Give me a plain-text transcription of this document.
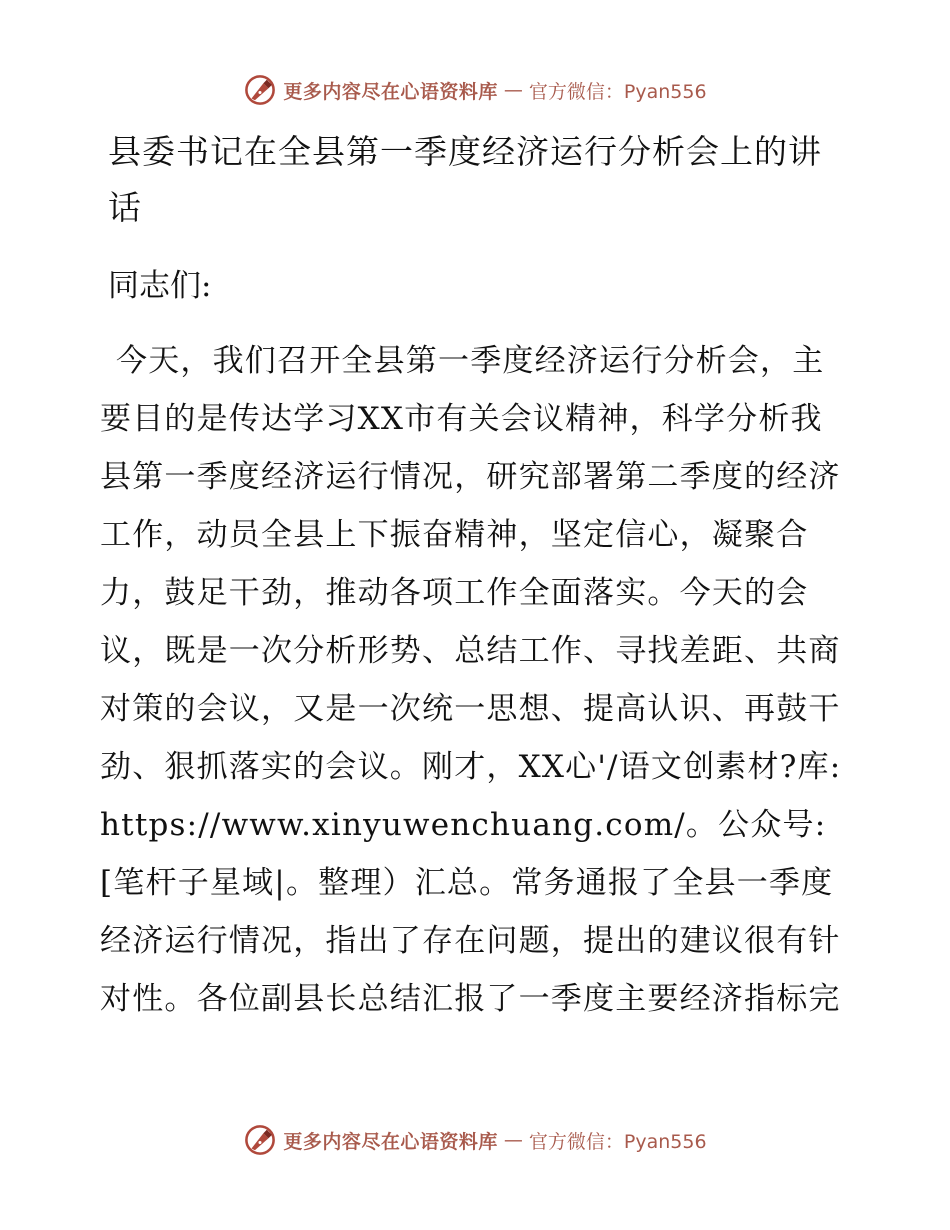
更多内容尽在心语资料库 — 官方微信：Pyan556
县委书记在全县第一季度经济运行分析会上的讲话

同志们:

今天，我们召开全县第一季度经济运行分析会，主要目的是传达学习XX市有关会议精神，科学分析我县第一季度经济运行情况，研究部署第二季度的经济工作，动员全县上下振奋精神，坚定信心，凝聚合力，鼓足干劲，推动各项工作全面落实。今天的会议，既是一次分析形势、总结工作、寻找差距、共商对策的会议，又是一次统一思想、提高认识、再鼓干劲、狠抓落实的会议。刚才，XX心'/语文创素材?库: https://www.xinyuwenchuang.com/。公众号: [笔杆子星域|。整理）汇总。常务通报了全县一季度经济运行情况，指出了存在问题，提出的建议很有针对性。各位副县长总结汇报了一季度主要经济指标完

更多内容尽在心语资料库 — 官方微信：Pyan556
